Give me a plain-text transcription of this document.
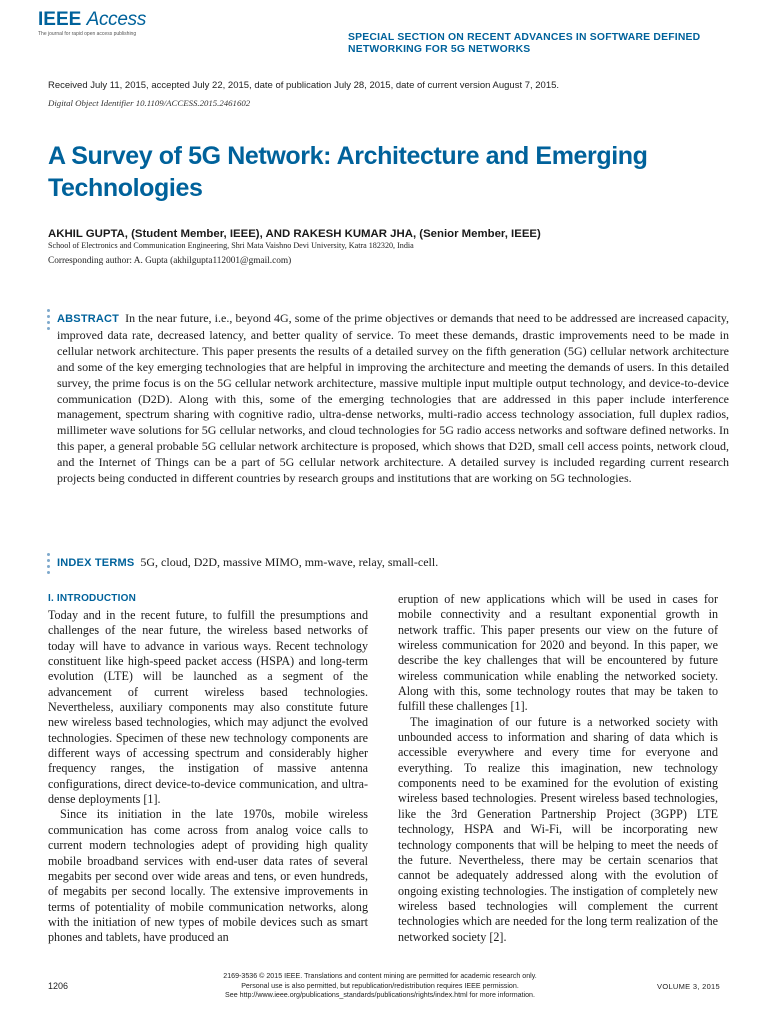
IEEE Access
The journal for rapid open access publishing	SPECIAL SECTION ON RECENT ADVANCES IN SOFTWARE DEFINED NETWORKING FOR 5G NETWORKS
Received July 11, 2015, accepted July 22, 2015, date of publication July 28, 2015, date of current version August 7, 2015.
Digital Object Identifier 10.1109/ACCESS.2015.2461602
A Survey of 5G Network: Architecture and Emerging Technologies
AKHIL GUPTA, (Student Member, IEEE), AND RAKESH KUMAR JHA, (Senior Member, IEEE)
School of Electronics and Communication Engineering, Shri Mata Vaishno Devi University, Katra 182320, India
Corresponding author: A. Gupta (akhilgupta112001@gmail.com)
ABSTRACT In the near future, i.e., beyond 4G, some of the prime objectives or demands that need to be addressed are increased capacity, improved data rate, decreased latency, and better quality of service. To meet these demands, drastic improvements need to be made in cellular network architecture. This paper presents the results of a detailed survey on the fifth generation (5G) cellular network architecture and some of the key emerging technologies that are helpful in improving the architecture and meeting the demands of users. In this detailed survey, the prime focus is on the 5G cellular network architecture, massive multiple input multiple output technology, and device-to-device communication (D2D). Along with this, some of the emerging technologies that are addressed in this paper include interference management, spectrum sharing with cognitive radio, ultra-dense networks, multi-radio access technology association, full duplex radios, millimeter wave solutions for 5G cellular networks, and cloud technologies for 5G radio access networks and software defined networks. In this paper, a general probable 5G cellular network architecture is proposed, which shows that D2D, small cell access points, network cloud, and the Internet of Things can be a part of 5G cellular network architecture. A detailed survey is included regarding current research projects being conducted in different countries by research groups and institutions that are working on 5G technologies.
INDEX TERMS 5G, cloud, D2D, massive MIMO, mm-wave, relay, small-cell.
I. INTRODUCTION

Today and in the recent future, to fulfill the presumptions and challenges of the near future, the wireless based networks of today will have to advance in various ways. Recent technology constituent like high-speed packet access (HSPA) and long-term evolution (LTE) will be launched as a segment of the advancement of current wireless based technologies. Nevertheless, auxiliary components may also constitute future new wireless based technologies, which may adjunct the evolved technologies. Specimen of these new technology components are different ways of accessing spectrum and considerably higher frequency ranges, the instigation of massive antenna configurations, direct device-to-device communication, and ultra-dense deployments [1].

Since its initiation in the late 1970s, mobile wireless communication has come across from analog voice calls to current modern technologies adept of providing high quality mobile broadband services with end-user data rates of several megabits per second over wide areas and tens, or even hundreds, of megabits per second locally. The extensive improvements in terms of potentiality of mobile communication networks, along with the initiation of new types of mobile devices such as smart phones and tablets, have produced an

eruption of new applications which will be used in cases for mobile connectivity and a resultant exponential growth in network traffic. This paper presents our view on the future of wireless communication for 2020 and beyond. In this paper, we describe the key challenges that will be encountered by future wireless communication while enabling the networked society. Along with this, some technology routes that may be taken to fulfill these challenges [1].

The imagination of our future is a networked society with unbounded access to information and sharing of data which is accessible everywhere and every time for everyone and everything. To realize this imagination, new technology components need to be examined for the evolution of existing wireless based technologies. Present wireless based technologies, like the 3rd Generation Partnership Project (3GPP) LTE technology, HSPA and Wi-Fi, will be incorporating new technology components that will be helping to meet the needs of the future. Nevertheless, there may be certain scenarios that cannot be adequately addressed along with the evolution of ongoing existing technologies. The instigation of completely new wireless based technologies will complement the current technologies which are needed for the long term realization of the networked society [2].

1206
2169-3536 © 2015 IEEE. Translations and content mining are permitted for academic research only.
Personal use is also permitted, but republication/redistribution requires IEEE permission.
See http://www.ieee.org/publications_standards/publications/rights/index.html for more information.
VOLUME 3, 2015
